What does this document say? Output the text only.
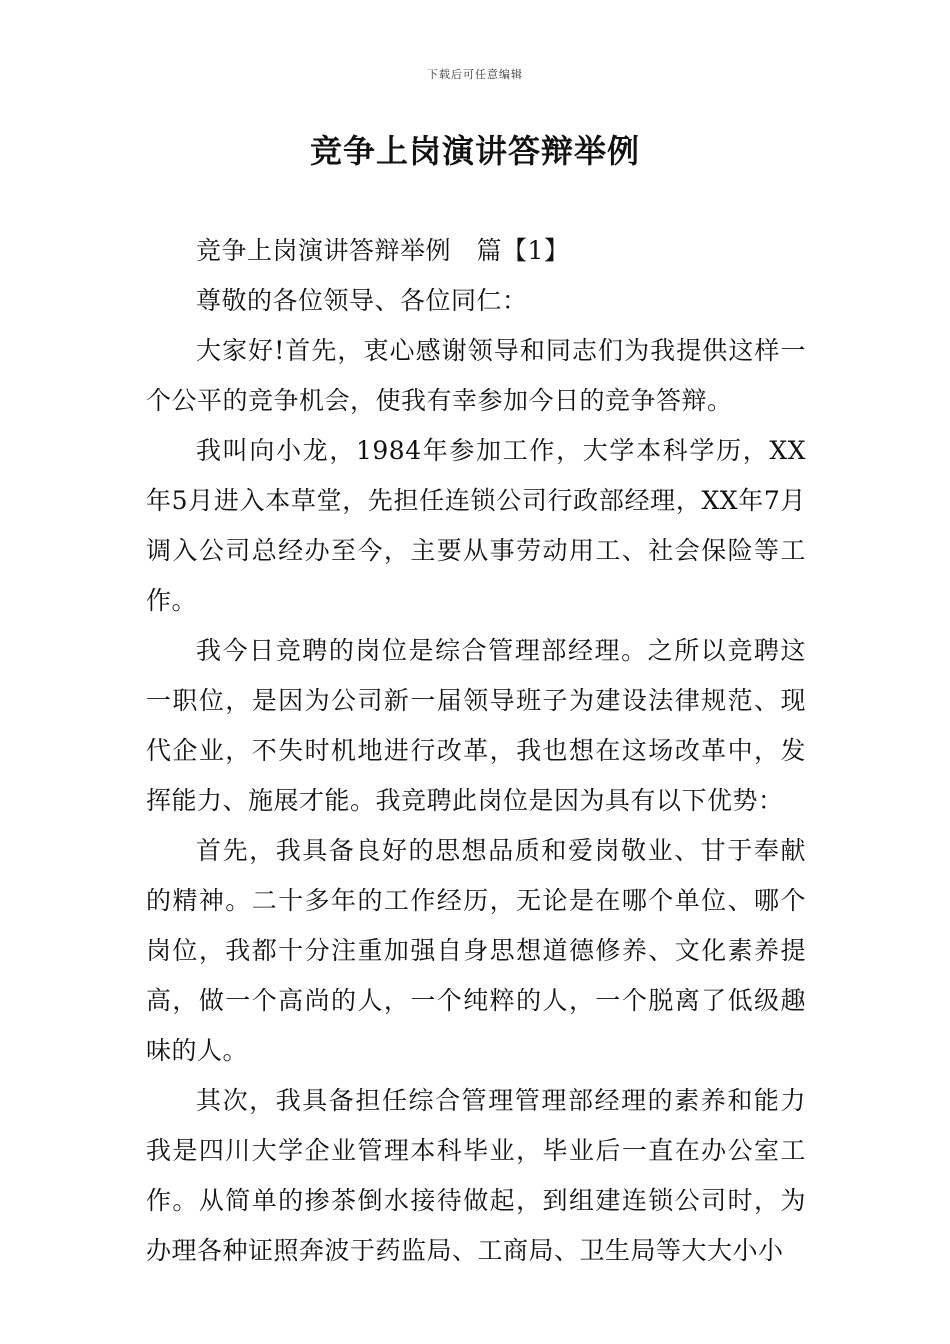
下载后可任意编辑
竞争上岗演讲答辩举例

竞争上岗演讲答辩举例　篇【1】

尊敬的各位领导、各位同仁：

大家好!首先，衷心感谢领导和同志们为我提供这样一个公平的竞争机会，使我有幸参加今日的竞争答辩。

我叫向小龙，1984年参加工作，大学本科学历，XX年5月进入本草堂，先担任连锁公司行政部经理，XX年7月调入公司总经办至今，主要从事劳动用工、社会保险等工作。

我今日竞聘的岗位是综合管理部经理。之所以竞聘这一职位，是因为公司新一届领导班子为建设法律规范、现代企业，不失时机地进行改革，我也想在这场改革中，发挥能力、施展才能。我竞聘此岗位是因为具有以下优势：

首先，我具备良好的思想品质和爱岗敬业、甘于奉献的精神。二十多年的工作经历，无论是在哪个单位、哪个岗位，我都十分注重加强自身思想道德修养、文化素养提高，做一个高尚的人，一个纯粹的人，一个脱离了低级趣味的人。

其次，我具备担任综合管理管理部经理的素养和能力我是四川大学企业管理本科毕业，毕业后一直在办公室工作。从简单的掺茶倒水接待做起，到组建连锁公司时，为办理各种证照奔波于药监局、工商局、卫生局等大大小小
